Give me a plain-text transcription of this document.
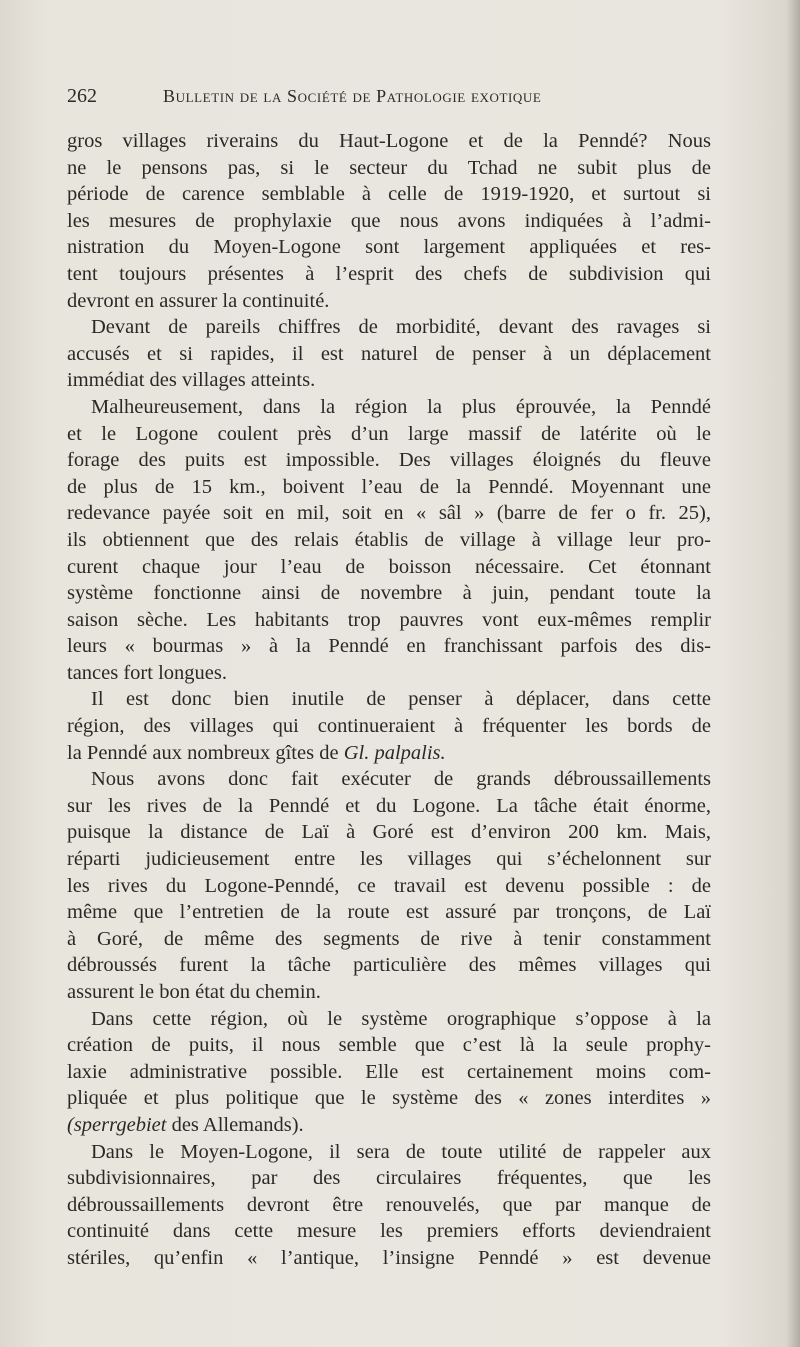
262	Bulletin de la Société de Pathologie exotique
gros villages riverains du Haut-Logone et de la Penndé? Nous
ne le pensons pas, si le secteur du Tchad ne subit plus de
période de carence semblable à celle de 1919-1920, et surtout si
les mesures de prophylaxie que nous avons indiquées à l’admi-
nistration du Moyen-Logone sont largement appliquées et res-
tent toujours présentes à l’esprit des chefs de subdivision qui
devront en assurer la continuité.
Devant de pareils chiffres de morbidité, devant des ravages si
accusés et si rapides, il est naturel de penser à un déplacement
immédiat des villages atteints.
Malheureusement, dans la région la plus éprouvée, la Penndé
et le Logone coulent près d’un large massif de latérite où le
forage des puits est impossible. Des villages éloignés du fleuve
de plus de 15 km., boivent l’eau de la Penndé. Moyennant une
redevance payée soit en mil, soit en « sâl » (barre de fer o fr. 25),
ils obtiennent que des relais établis de village à village leur pro-
curent chaque jour l’eau de boisson nécessaire. Cet étonnant
système fonctionne ainsi de novembre à juin, pendant toute la
saison sèche. Les habitants trop pauvres vont eux-mêmes remplir
leurs « bourmas » à la Penndé en franchissant parfois des dis-
tances fort longues.
Il est donc bien inutile de penser à déplacer, dans cette
région, des villages qui continueraient à fréquenter les bords de
la Penndé aux nombreux gîtes de Gl. palpalis.
Nous avons donc fait exécuter de grands débroussaillements
sur les rives de la Penndé et du Logone. La tâche était énorme,
puisque la distance de Laï à Goré est d’environ 200 km. Mais,
réparti judicieusement entre les villages qui s’échelonnent sur
les rives du Logone-Penndé, ce travail est devenu possible : de
même que l’entretien de la route est assuré par tronçons, de Laï
à Goré, de même des segments de rive à tenir constamment
débroussés furent la tâche particulière des mêmes villages qui
assurent le bon état du chemin.
Dans cette région, où le système orographique s’oppose à la
création de puits, il nous semble que c’est là la seule prophy-
laxie administrative possible. Elle est certainement moins com-
pliquée et plus politique que le système des « zones interdites »
(sperrgebiet des Allemands).
Dans le Moyen-Logone, il sera de toute utilité de rappeler aux
subdivisionnaires, par des circulaires fréquentes, que les
débroussaillements devront être renouvelés, que par manque de
continuité dans cette mesure les premiers efforts deviendraient
stériles, qu’enfin « l’antique, l’insigne Penndé » est devenue
